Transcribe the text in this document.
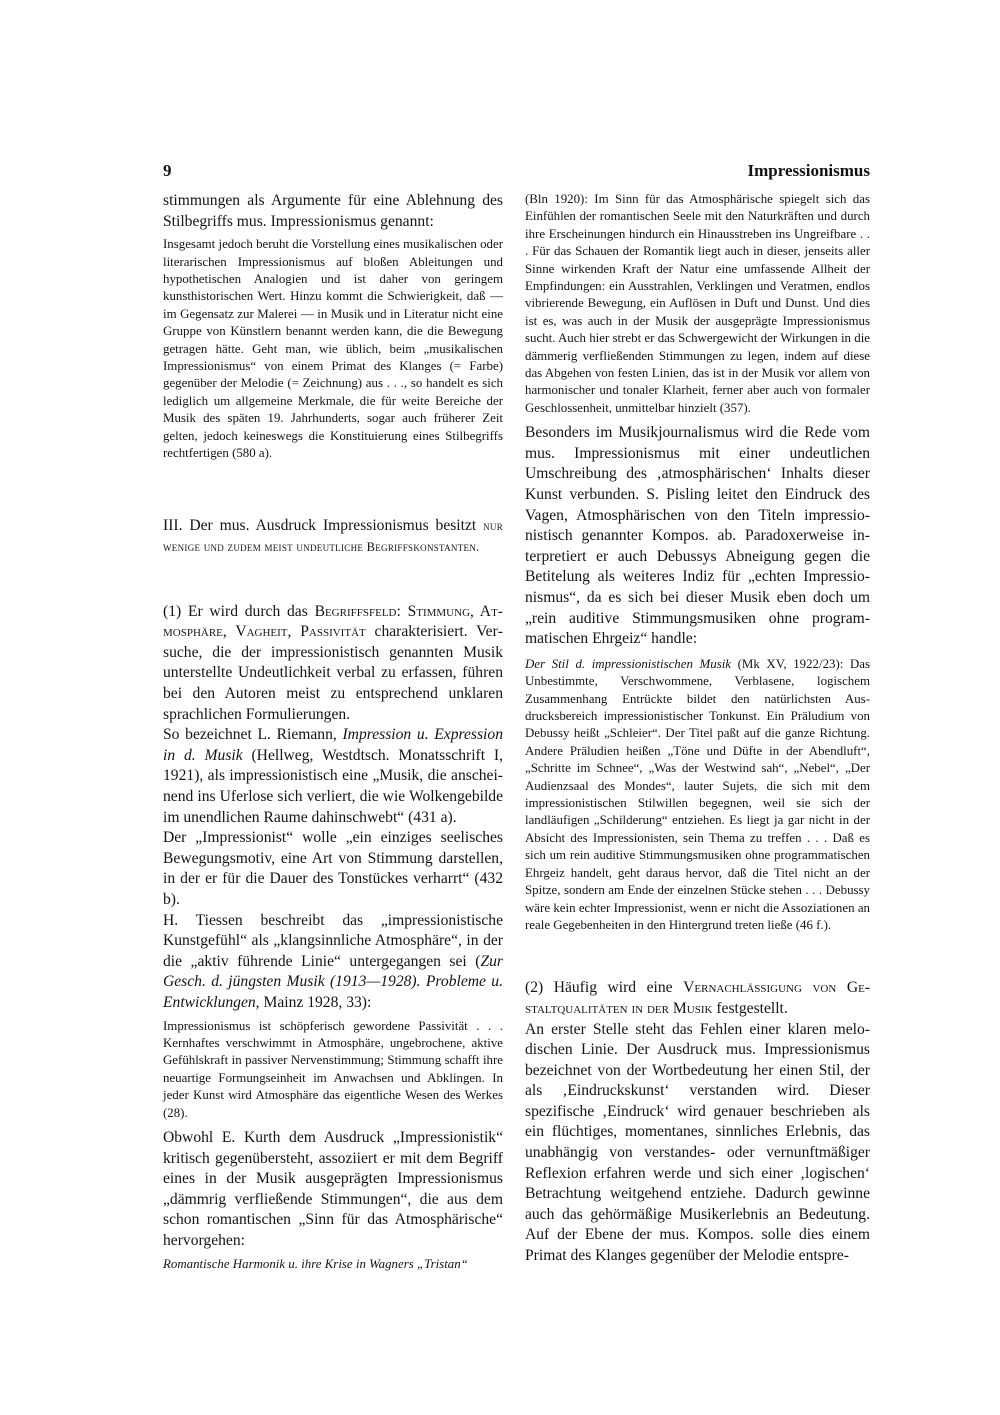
9	Impressionismus

stimmungen als Argumente für eine Ablehnung des Stilbegriffs mus. Impressionismus genannt:

Insgesamt jedoch beruht die Vorstellung eines musikalischen oder literarischen Impressionismus auf bloßen Ableitungen und hypothetischen Analogien und ist daher von geringem kunsthistorischen Wert. Hinzu kommt die Schwierigkeit, daß — im Gegensatz zur Malerei — in Musik und in Literatur nicht eine Gruppe von Künstlern benannt werden kann, die die Bewegung getragen hätte. Geht man, wie üblich, beim „musikalischen Impressionismus“ von einem Primat des Klanges (= Farbe) gegenüber der Melodie (= Zeichnung) aus . . ., so handelt es sich lediglich um allgemeine Merkmale, die für weite Bereiche der Musik des späten 19. Jahrhunderts, sogar auch früherer Zeit gelten, jedoch keineswegs die Konstituierung eines Stilbegriffs rechtfertigen (580 a).

III. Der mus. Ausdruck Impressionismus besitzt nur wenige und zudem meist undeutliche Begriffskonstanten.

(1) Er wird durch das Begriffsfeld: Stimmung, Atmosphäre, Vagheit, Passivität charakterisiert. Versuche, die der impressionistisch genannten Musik unterstellte Undeutlichkeit verbal zu erfassen, führen bei den Autoren meist zu entsprechend unklaren sprachlichen Formulierungen.

So bezeichnet L. Riemann, Impression u. Expression in d. Musik (Hellweg, Westdtsch. Monatsschrift I, 1921), als impressionistisch eine „Musik, die anscheinend ins Uferlose sich verliert, die wie Wolkengebilde im unendlichen Raume dahinschwebt“ (431 a).

Der „Impressionist“ wolle „ein einziges seelisches Bewegungsmotiv, eine Art von Stimmung darstellen, in der er für die Dauer des Tonstückes verharrt“ (432 b).

H. Tiessen beschreibt das „impressionistische Kunstgefühl“ als „klangsinnliche Atmosphäre“, in der die „aktiv führende Linie“ untergegangen sei (Zur Gesch. d. jüngsten Musik (1913—1928). Probleme u. Entwicklungen, Mainz 1928, 33):

Impressionismus ist schöpferisch gewordene Passivität . . . Kernhaftes verschwimmt in Atmosphäre, ungebrochene, aktive Gefühlskraft in passiver Nervenstimmung; Stimmung schafft ihre neuartige Formungseinheit im Anwachsen und Abklingen. In jeder Kunst wird Atmosphäre das eigentliche Wesen des Werkes (28).

Obwohl E. Kurth dem Ausdruck „Impressionistik“ kritisch gegenübersteht, assoziiert er mit dem Begriff eines in der Musik ausgeprägten Impressionismus „dämmrig verfließende Stimmungen“, die aus dem schon romantischen „Sinn für das Atmosphärische“ hervorgehen:

Romantische Harmonik u. ihre Krise in Wagners „Tristan“

(Bln 1920): Im Sinn für das Atmosphärische spiegelt sich das Einfühlen der romantischen Seele mit den Naturkräften und durch ihre Erscheinungen hindurch ein Hinausstreben ins Ungreifbare . . . Für das Schauen der Romantik liegt auch in dieser, jenseits aller Sinne wirkenden Kraft der Natur eine umfassende Allheit der Empfindungen: ein Ausstrahlen, Verklingen und Veratmen, endlos vibrierende Bewegung, ein Auflösen in Duft und Dunst. Und dies ist es, was auch in der Musik der ausgeprägte Impressionismus sucht. Auch hier strebt er das Schwergewicht der Wirkungen in die dämmerig verfließenden Stimmungen zu legen, indem auf diese das Abgehen von festen Linien, das ist in der Musik vor allem von harmonischer und tonaler Klarheit, ferner aber auch von formaler Geschlossenheit, unmittelbar hinzielt (357).

Besonders im Musikjournalismus wird die Rede vom mus. Impressionismus mit einer undeutlichen Umschreibung des ‚atmosphärischen‘ Inhalts dieser Kunst verbunden. S. Pisling leitet den Eindruck des Vagen, Atmosphärischen von den Titeln impressionistisch genannter Kompos. ab. Paradoxerweise interpretiert er auch Debussys Abneigung gegen die Betitelung als weiteres Indiz für „echten Impressionismus“, da es sich bei dieser Musik eben doch um „rein auditive Stimmungsmusiken ohne programmatischen Ehrgeiz“ handle:

Der Stil d. impressionistischen Musik (Mk XV, 1922/23): Das Unbestimmte, Verschwommene, Verblasene, logischem Zusammenhang Entrückte bildet den natürlichsten Ausdrucksbereich impressionistischer Tonkunst. Ein Präludium von Debussy heißt „Schleier“. Der Titel paßt auf die ganze Richtung. Andere Präludien heißen „Töne und Düfte in der Abendluft“, „Schritte im Schnee“, „Was der Westwind sah“, „Nebel“, „Der Audienzsaal des Mondes“, lauter Sujets, die sich mit dem impressionistischen Stilwillen begegnen, weil sie sich der landläufigen „Schilderung“ entziehen. Es liegt ja gar nicht in der Absicht des Impressionisten, sein Thema zu treffen . . . Daß es sich um rein auditive Stimmungsmusiken ohne programmatischen Ehrgeiz handelt, geht daraus hervor, daß die Titel nicht an der Spitze, sondern am Ende der einzelnen Stücke stehen . . . Debussy wäre kein echter Impressionist, wenn er nicht die Assoziationen an reale Gegebenheiten in den Hintergrund treten ließe (46 f.).

(2) Häufig wird eine Vernachlässigung von Gestaltqualitäten in der Musik festgestellt.

An erster Stelle steht das Fehlen einer klaren melodischen Linie. Der Ausdruck mus. Impressionismus bezeichnet von der Wortbedeutung her einen Stil, der als ‚Eindruckskunst‘ verstanden wird. Dieser spezifische ‚Eindruck‘ wird genauer beschrieben als ein flüchtiges, momentanes, sinnliches Erlebnis, das unabhängig von verstandes- oder vernunftmäßiger Reflexion erfahren werde und sich einer ‚logischen‘ Betrachtung weitgehend entziehe. Dadurch gewinne auch das gehörmäßige Musikerlebnis an Bedeutung. Auf der Ebene der mus. Kompos. solle dies einem Primat des Klanges gegenüber der Melodie entspre-
